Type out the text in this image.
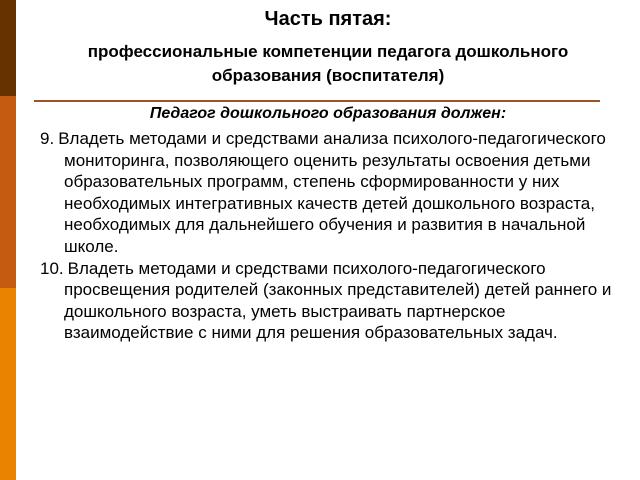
Часть пятая:
профессиональные компетенции педагога дошкольного
образования (воспитателя)
Педагог дошкольного образования должен:
9. Владеть методами и средствами анализа психолого-педагогического мониторинга, позволяющего оценить результаты освоения детьми образовательных программ, степень сформированности у них необходимых интегративных качеств детей дошкольного возраста, необходимых для дальнейшего обучения и развития в начальной школе.
10. Владеть методами и средствами психолого-педагогического просвещения родителей (законных представителей) детей раннего и дошкольного возраста, уметь выстраивать партнерское взаимодействие с ними для решения образовательных задач.
